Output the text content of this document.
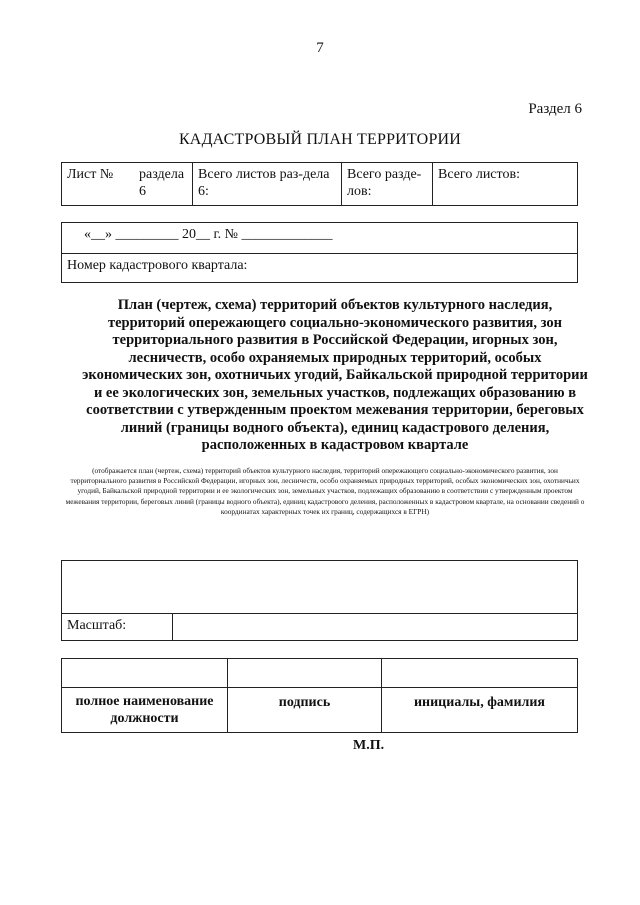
7
Раздел 6
КАДАСТРОВЫЙ ПЛАН ТЕРРИТОРИИ
Лист №	раздела 6	Всего листов раз-дела 6:	Всего разде-лов:	Всего листов:
«__» _________ 20__ г. № _____________
Номер кадастрового квартала:
План (чертеж, схема) территорий объектов культурного наследия, территорий опережающего социально-экономического развития, зон территориального развития в Российской Федерации, игорных зон, лесничеств, особо охраняемых природных территорий, особых экономических зон, охотничьих угодий, Байкальской природной территории и ее экологических зон, земельных участков, подлежащих образованию в соответствии с утвержденным проектом межевания территории, береговых линий (границы водного объекта), единиц кадастрового деления, расположенных в кадастровом квартале
(отображается план (чертеж, схема) территорий объектов культурного наследия, территорий опережающего социально-экономического развития, зон территориального развития в Российской Федерации, игорных зон, лесничеств, особо охраняемых природных территорий, особых экономических зон, охотничьих угодий, Байкальской природной территории и ее экологических зон, земельных участков, подлежащих образованию в соответствии с утвержденным проектом межевания территории, береговых линий (границы водного объекта), единиц кадастрового деления, расположенных в кадастровом квартале, на основании сведений о координатах характерных точек их границ, содержащихся в ЕГРН)

Масштаб:	

полное наименование должности	подпись	инициалы, фамилия
М.П.
